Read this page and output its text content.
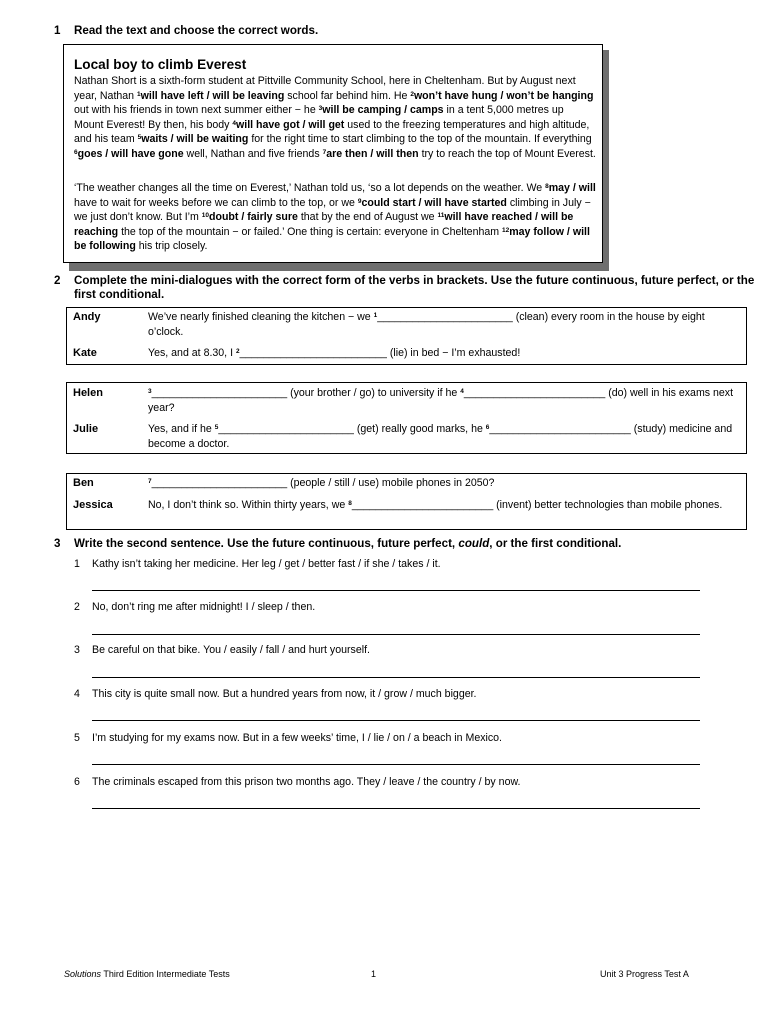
1 Read the text and choose the correct words.
Local boy to climb Everest
Nathan Short is a sixth-form student at Pittville Community School, here in Cheltenham. But by August next year, Nathan $^1$will have left / will be leaving school far behind him. He $^2$won’t have hung / won’t be hanging out with his friends in town next summer either − he $^3$will be camping / camps in a tent 5,000 metres up Mount Everest! By then, his body $^4$will have got / will get used to the freezing temperatures and high altitude, and his team $^5$waits / will be waiting for the right time to start climbing to the top of the mountain. If everything $^6$goes / will have gone well, Nathan and five friends $^7$are then / will then try to reach the top of Mount Everest.
‘The weather changes all the time on Everest,’ Nathan told us, ‘so a lot depends on the weather. We $^8$may / will have to wait for weeks before we can climb to the top, or we $^9$could start / will have started climbing in July − we just don’t know. But I’m $^{10}$doubt / fairly sure that by the end of August we $^{11}$will have reached / will be reaching the top of the mountain − or failed.’ One thing is certain: everyone in Cheltenham $^{12}$may follow / will be following his trip closely.
2 Complete the mini-dialogues with the correct form of the verbs in brackets. Use the future continuous, future perfect, or the first conditional.
Andy	We’ve nearly finished cleaning the kitchen − we $^1$_______________________ (clean) every room in the house by eight o’clock.
Kate	Yes, and at 8.30, I $^2$_________________________ (lie) in bed − I’m exhausted!
Helen	$^3$_______________________ (your brother / go) to university if he $^4$________________________ (do) well in his exams next year?
Julie	Yes, and if he $^5$_______________________ (get) really good marks, he $^6$________________________ (study) medicine and become a doctor.
Ben	$^7$_______________________ (people / still / use) mobile phones in 2050?
Jessica	No, I don’t think so. Within thirty years, we $^8$________________________ (invent) better technologies than mobile phones.
3 Write the second sentence. Use the future continuous, future perfect, could, or the first conditional.
1 Kathy isn’t taking her medicine. Her leg / get / better fast / if she / takes / it.
2 No, don’t ring me after midnight! I / sleep / then.
3 Be careful on that bike. You / easily / fall / and hurt yourself.
4 This city is quite small now. But a hundred years from now, it / grow / much bigger.
5 I’m studying for my exams now. But in a few weeks’ time, I / lie / on / a beach in Mexico.
6 The criminals escaped from this prison two months ago. They / leave / the country / by now.
Solutions Third Edition Intermediate Tests	1	Unit 3 Progress Test A
